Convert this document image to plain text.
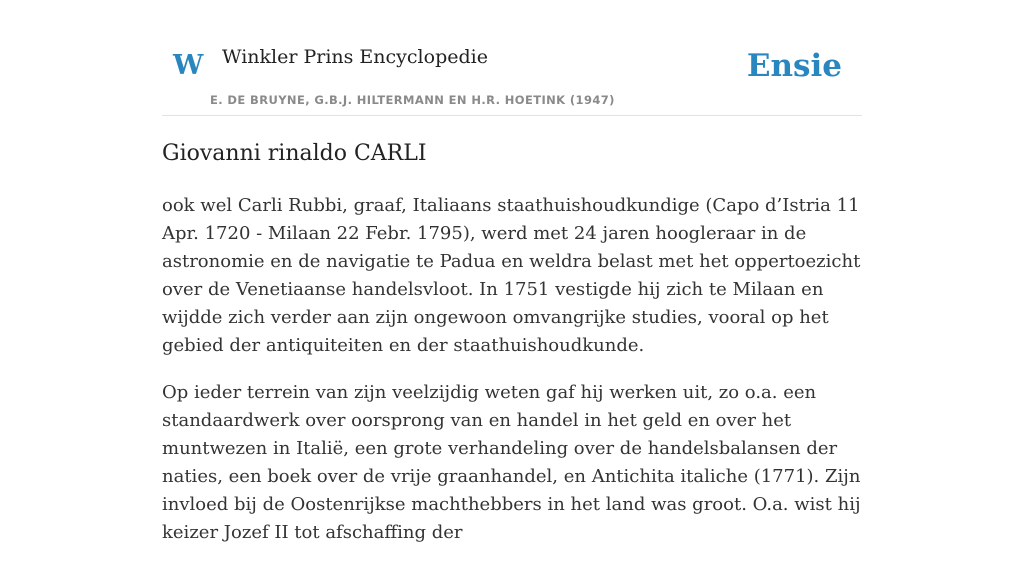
W Winkler Prins Encyclopedie
E. DE BRUYNE, G.B.J. HILTERMANN EN H.R. HOETINK (1947)
Ensie
Giovanni rinaldo CARLI

ook wel Carli Rubbi, graaf, Italiaans staathuishoudkundige (Capo d’Istria 11 Apr. 1720 - Milaan 22 Febr. 1795), werd met 24 jaren hoogleraar in de astronomie en de navigatie te Padua en weldra belast met het oppertoezicht over de Venetiaanse handelsvloot. In 1751 vestigde hij zich te Milaan en wijdde zich verder aan zijn ongewoon omvangrijke studies, vooral op het gebied der antiquiteiten en der staathuishoudkunde.

Op ieder terrein van zijn veelzijdig weten gaf hij werken uit, zo o.a. een standaardwerk over oorsprong van en handel in het geld en over het muntwezen in Italië, een grote verhandeling over de handelsbalansen der naties, een boek over de vrije graanhandel, en Antichita italiche (1771). Zijn invloed bij de Oostenrijkse machthebbers in het land was groot. O.a. wist hij keizer Jozef II tot afschaffing der
